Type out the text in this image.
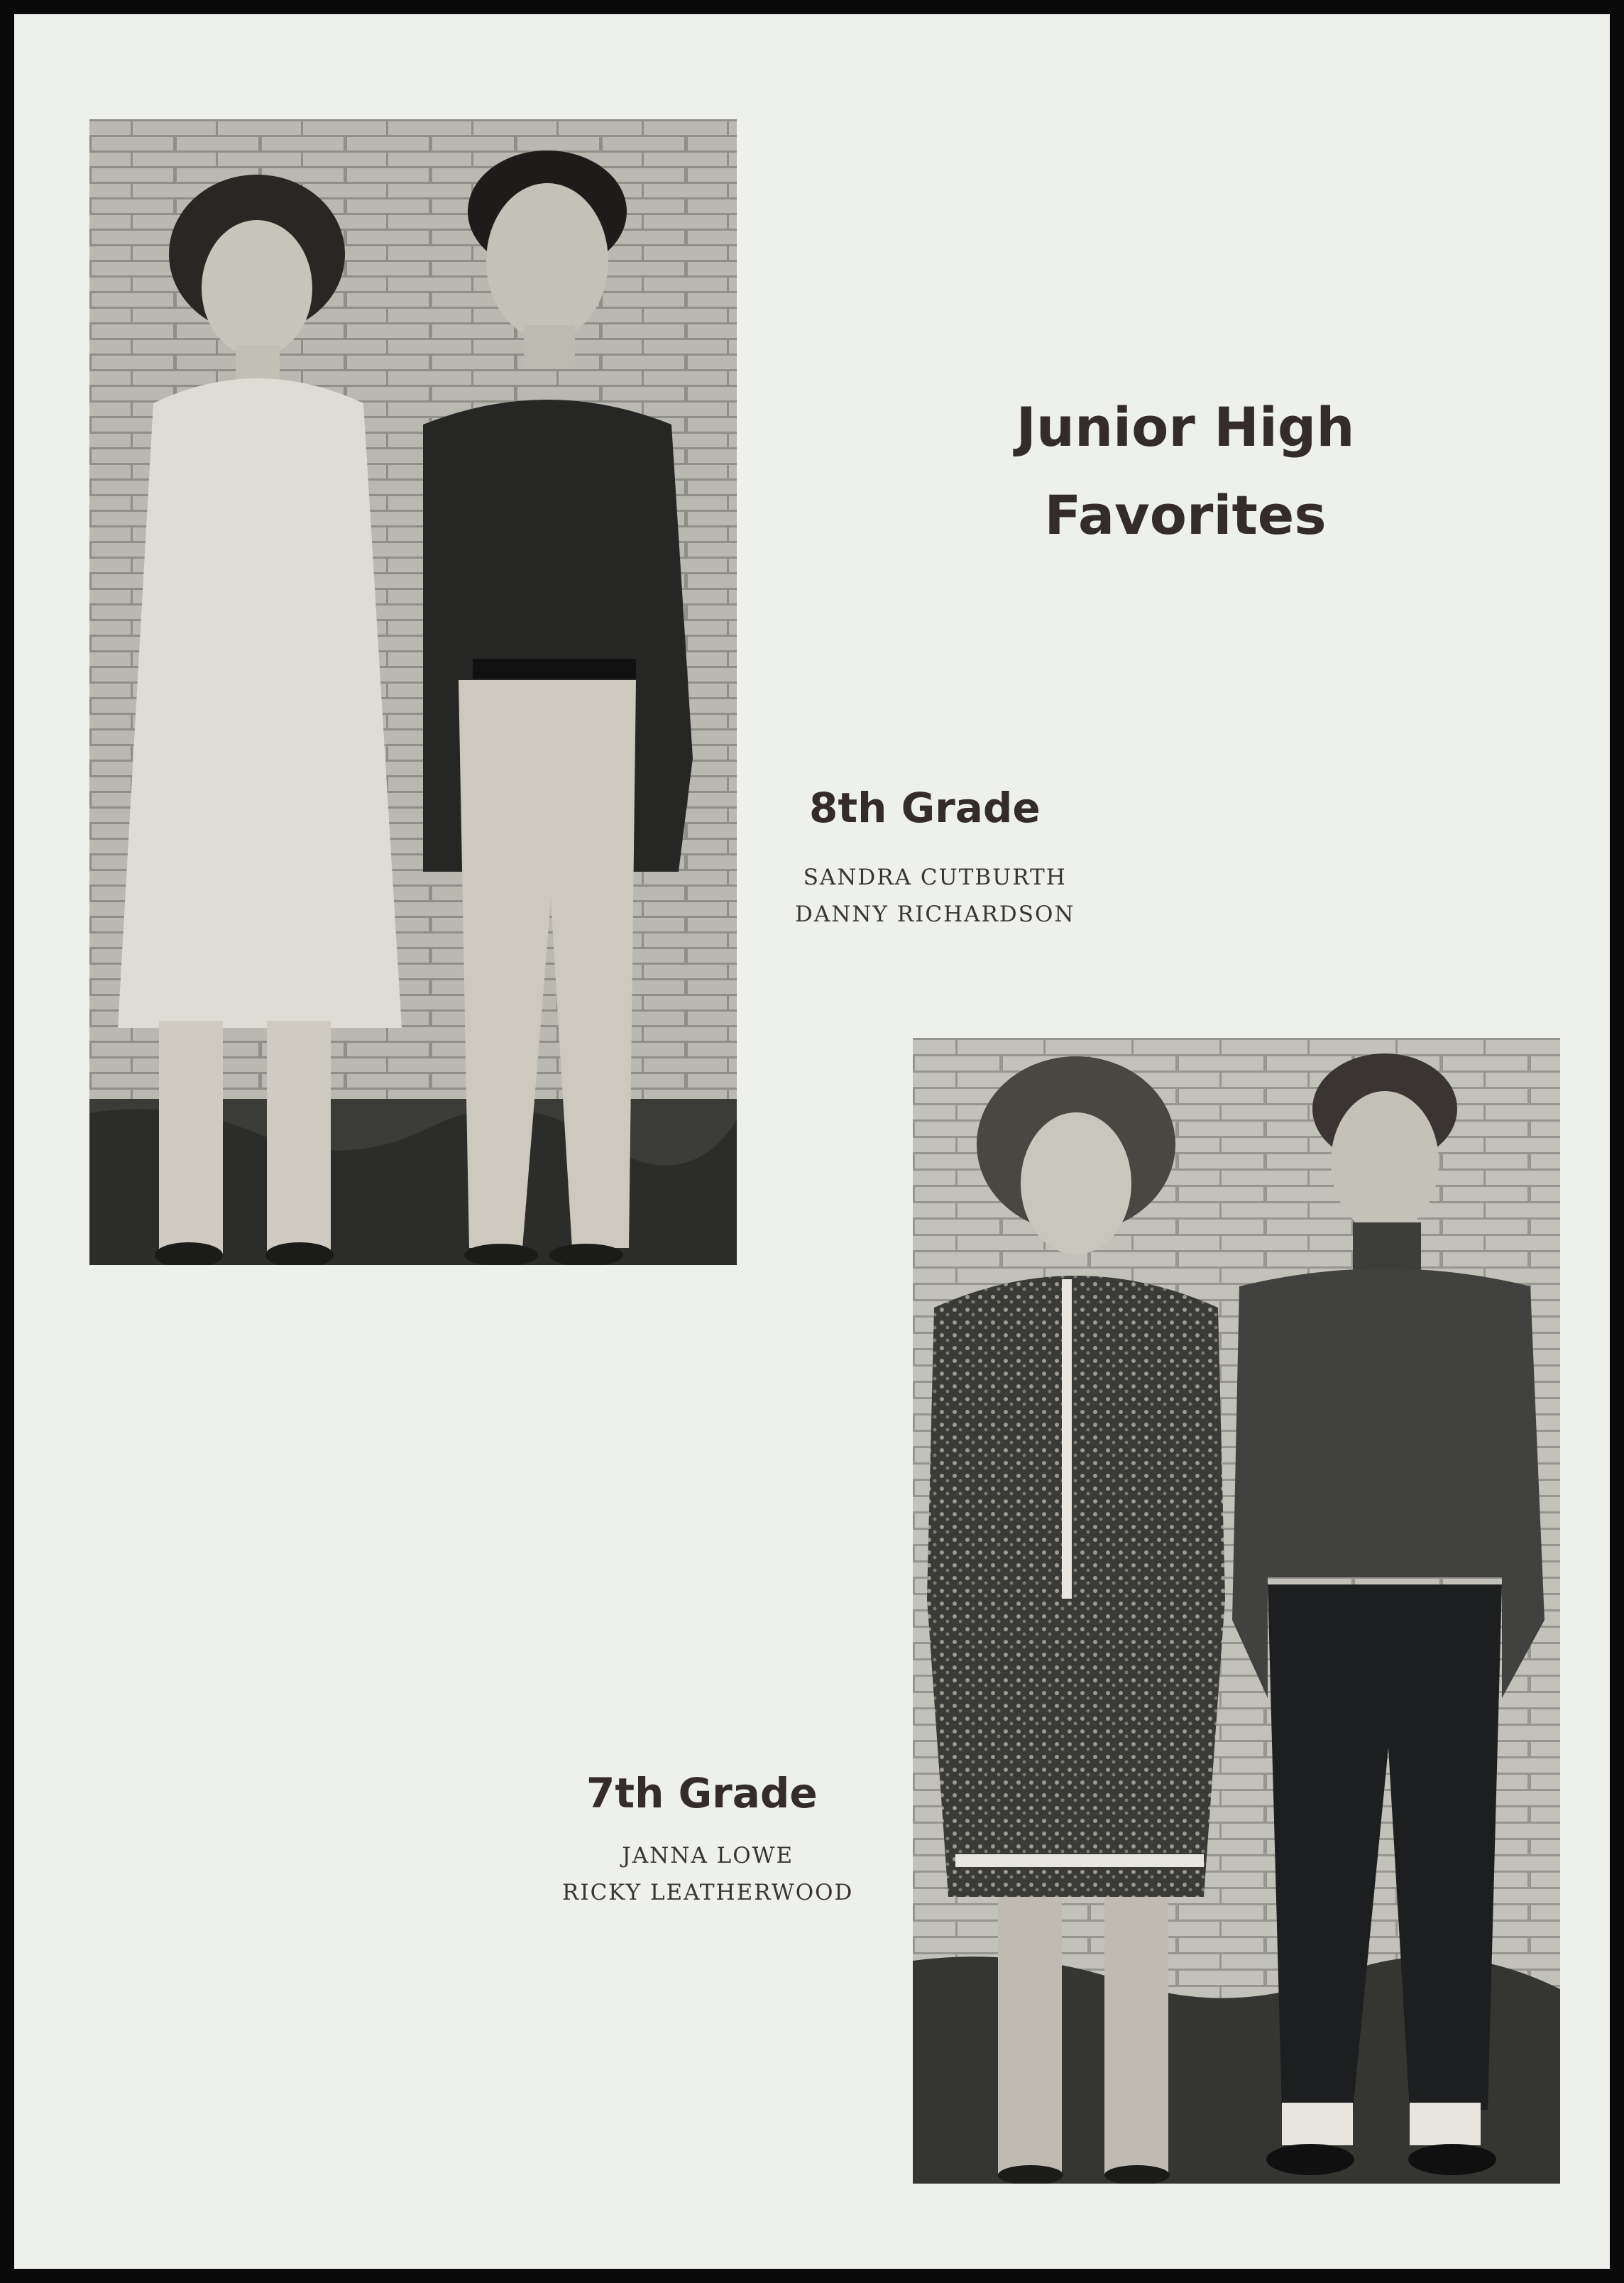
Junior High
Favorites
8th Grade
SANDRA CUTBURTH
DANNY RICHARDSON
7th Grade
JANNA LOWE
RICKY LEATHERWOOD
